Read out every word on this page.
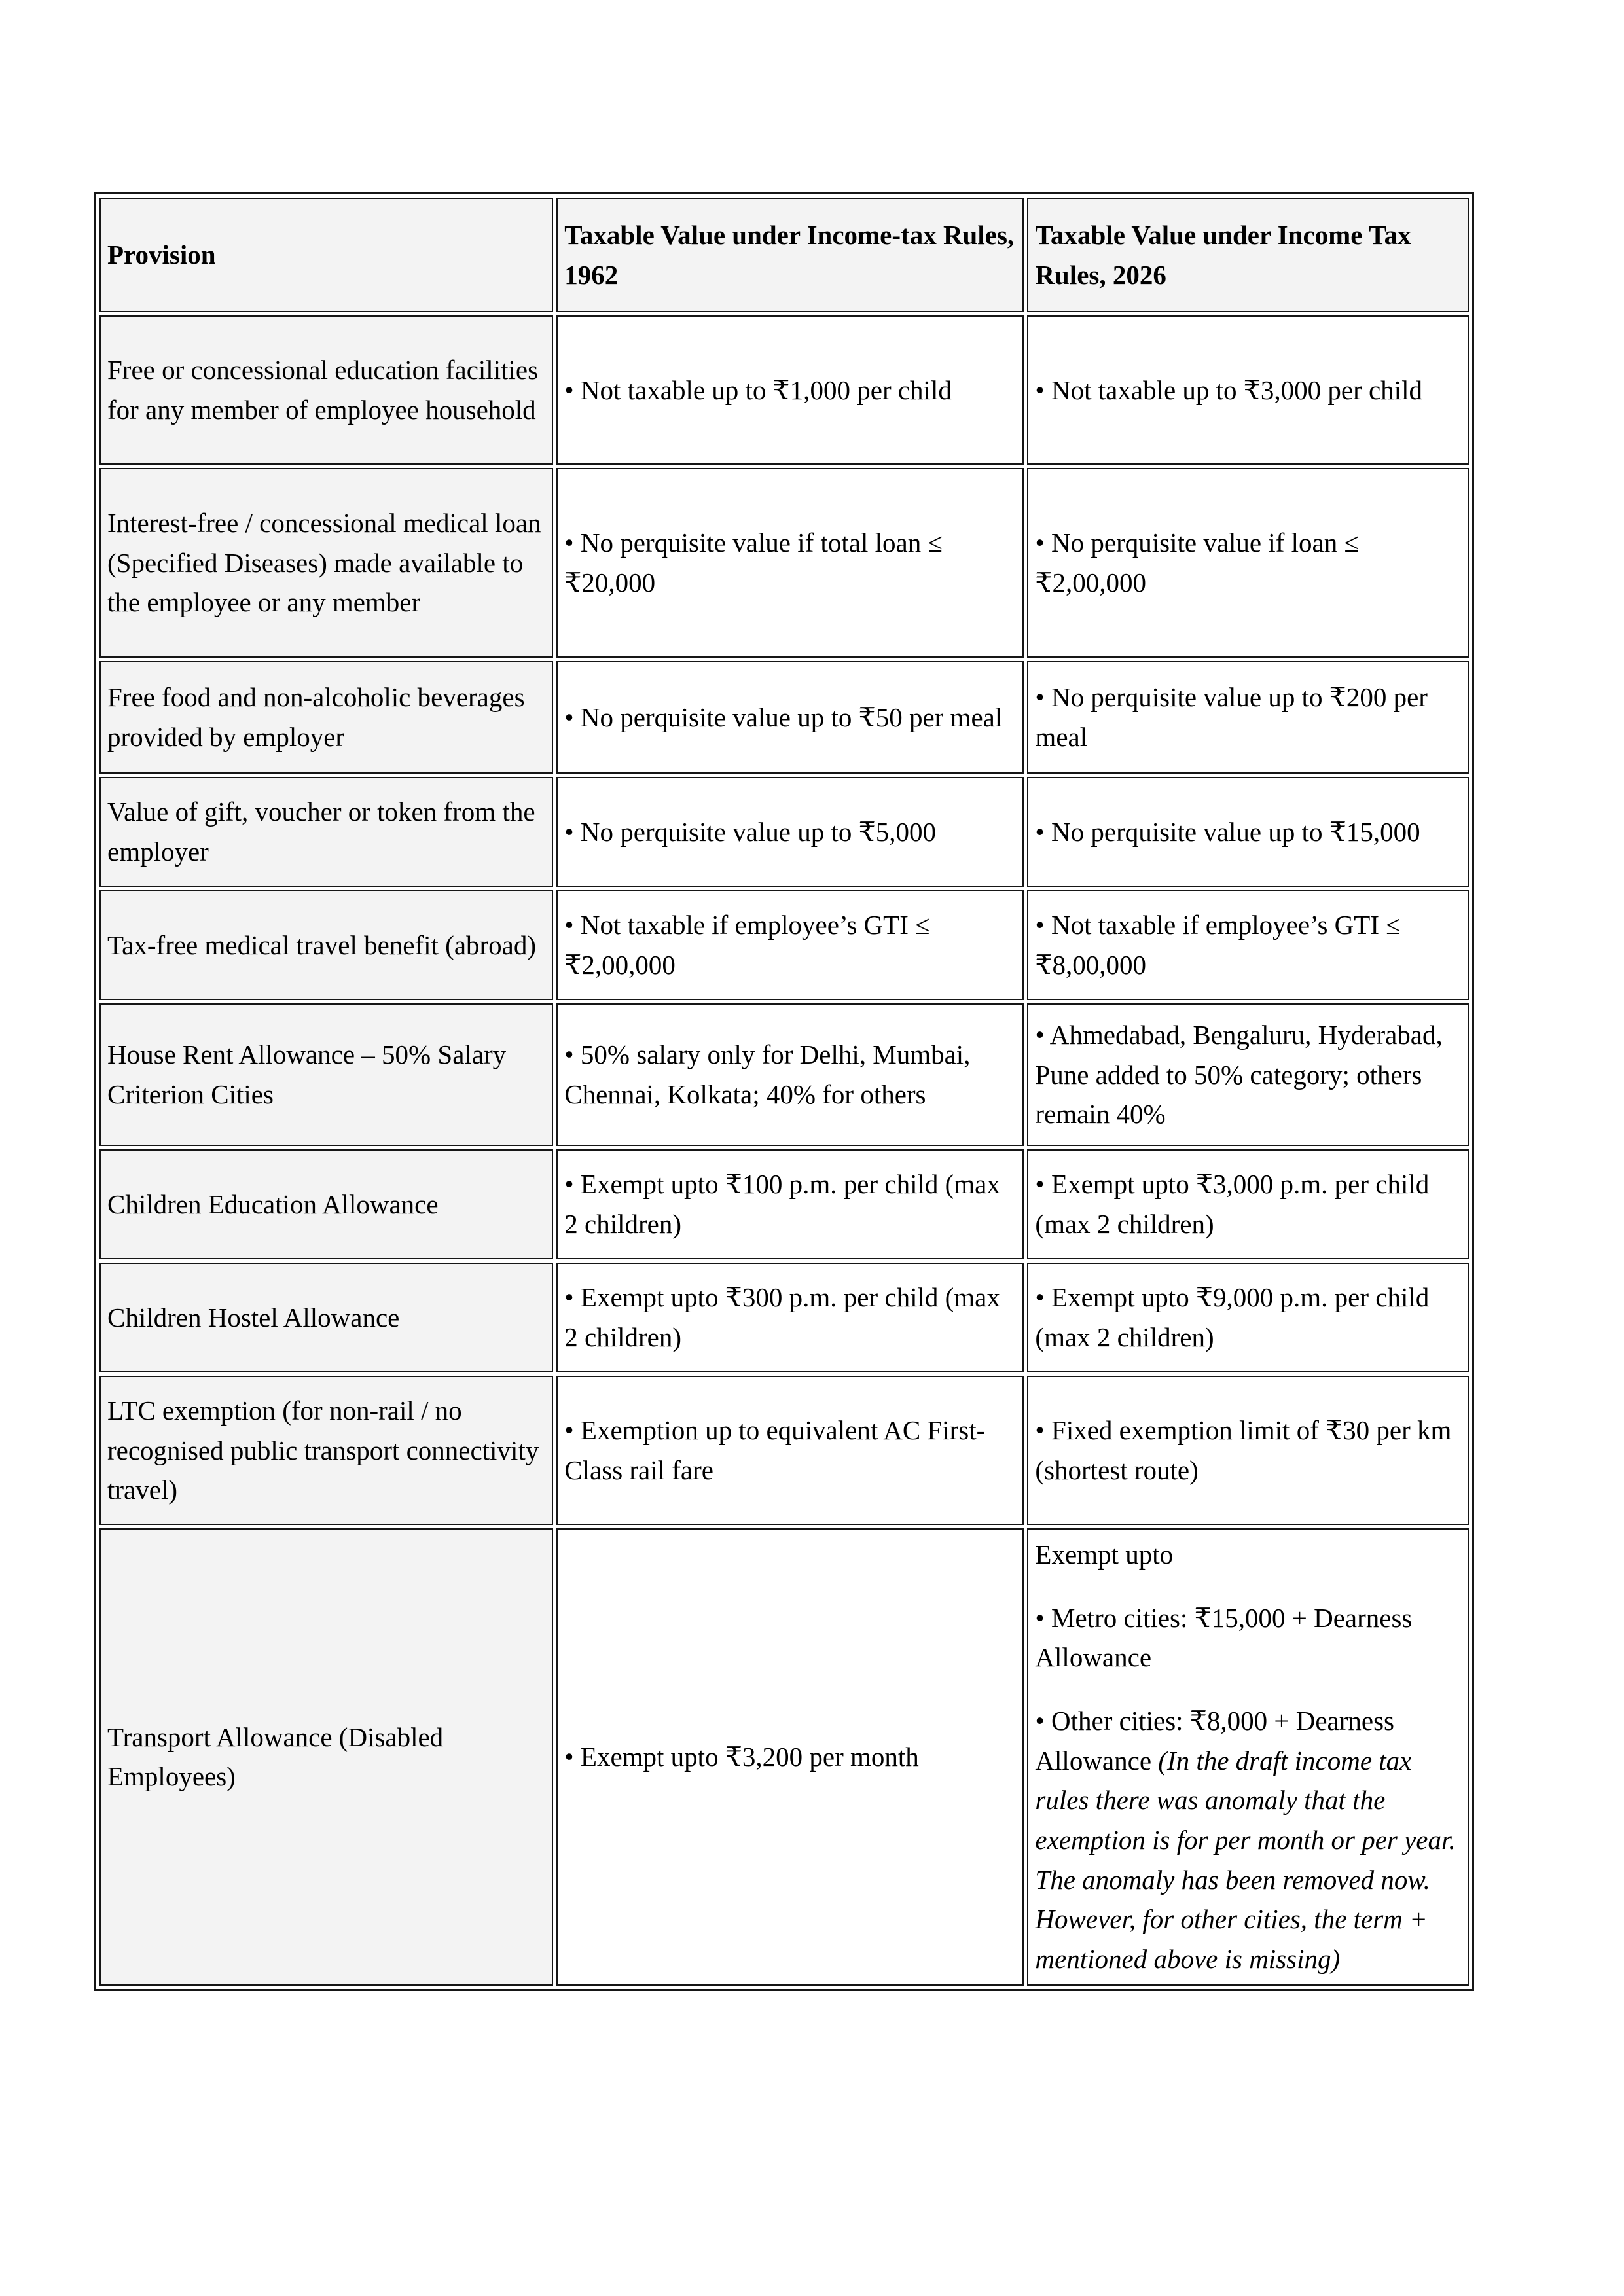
Provision	Taxable Value under Income-tax Rules, 1962	Taxable Value under Income Tax Rules, 2026
Free or concessional education facilities for any member of employee household	• Not taxable up to ₹1,000 per child	• Not taxable up to ₹3,000 per child
Interest-free / concessional medical loan (Specified Diseases) made available to the employee or any member	• No perquisite value if total loan ≤ ₹20,000	• No perquisite value if loan ≤ ₹2,00,000
Free food and non-alcoholic beverages provided by employer	• No perquisite value up to ₹50 per meal	• No perquisite value up to ₹200 per meal
Value of gift, voucher or token from the employer	• No perquisite value up to ₹5,000	• No perquisite value up to ₹15,000
Tax-free medical travel benefit (abroad)	• Not taxable if employee’s GTI ≤ ₹2,00,000	• Not taxable if employee’s GTI ≤ ₹8,00,000
House Rent Allowance – 50% Salary Criterion Cities	• 50% salary only for Delhi, Mumbai, Chennai, Kolkata; 40% for others	• Ahmedabad, Bengaluru, Hyderabad, Pune added to 50% category; others remain 40%
Children Education Allowance	• Exempt upto ₹100 p.m. per child (max 2 children)	• Exempt upto ₹3,000 p.m. per child (max 2 children)
Children Hostel Allowance	• Exempt upto ₹300 p.m. per child (max 2 children)	• Exempt upto ₹9,000 p.m. per child (max 2 children)
LTC exemption (for non-rail / no recognised public transport connectivity travel)	• Exemption up to equivalent AC First-Class rail fare	• Fixed exemption limit of ₹30 per km (shortest route)
Transport Allowance (Disabled Employees)	• Exempt upto ₹3,200 per month	Exempt upto

• Metro cities: ₹15,000 + Dearness Allowance

• Other cities: ₹8,000 + Dearness Allowance (In the draft income tax rules there was anomaly that the exemption is for per month or per year. The anomaly has been removed now. However, for other cities, the term + mentioned above is missing)
